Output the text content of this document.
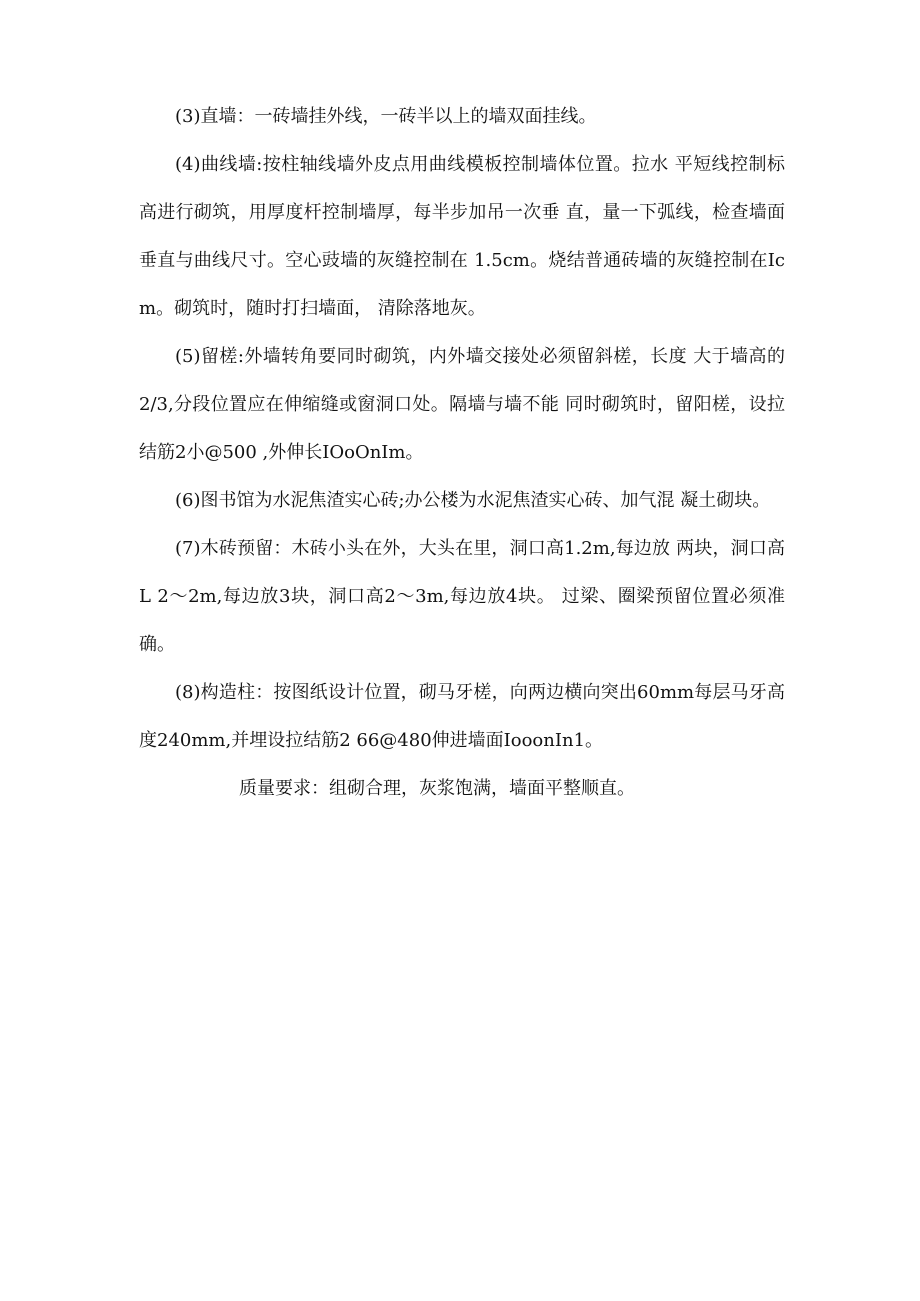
(3)直墙：一砖墙挂外线，一砖半以上的墙双面挂线。

(4)曲线墙:按柱轴线墙外皮点用曲线模板控制墙体位置。拉水 平短线控制标高进行砌筑，用厚度杆控制墙厚，每半步加吊一次垂 直，量一下弧线，检查墙面垂直与曲线尺寸。空心豉墙的灰缝控制在 1.5cm。烧结普通砖墙的灰缝控制在Icm。砌筑时，随时打扫墙面， 清除落地灰。

(5)留槎:外墙转角要同时砌筑，内外墙交接处必须留斜槎，长度 大于墙高的2/3,分段位置应在伸缩缝或窗洞口处。隔墙与墙不能 同时砌筑时，留阳槎，设拉结筋2小@500 ,外伸长IOoOnIm。

(6)图书馆为水泥焦渣实心砖;办公楼为水泥焦渣实心砖、加气混 凝土砌块。

(7)木砖预留：木砖小头在外，大头在里，洞口高1.2m,每边放 两块，洞口高L 2〜2m,每边放3块，洞口高2〜3m,每边放4块。 过梁、圈梁预留位置必须准确。

(8)构造柱：按图纸设计位置，砌马牙槎，向两边横向突出60mm每层马牙高度240mm,并埋设拉结筋2 66@480伸进墙面IooonIn1。

质量要求：组砌合理，灰浆饱满，墙面平整顺直。
